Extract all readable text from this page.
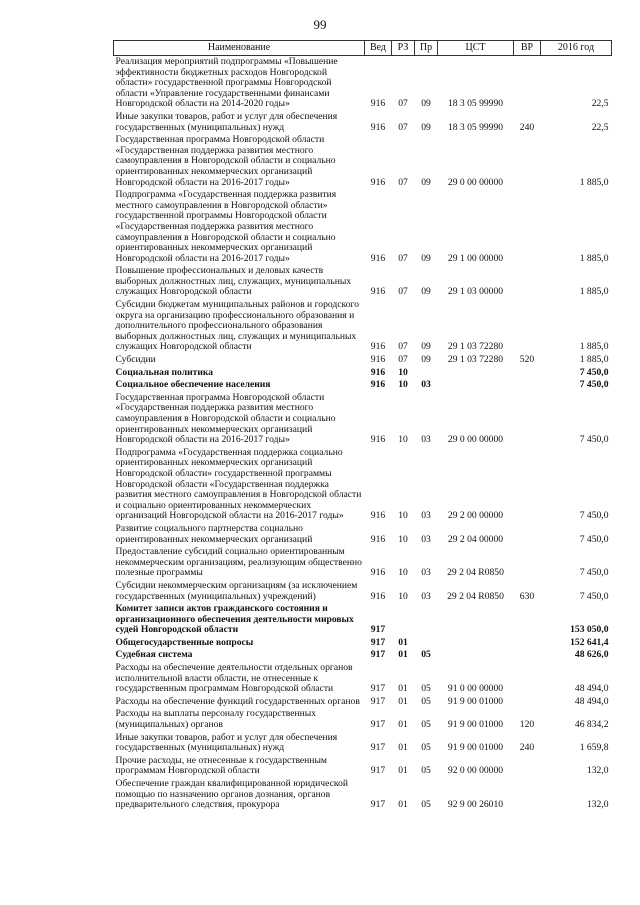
99
Наименование	Вед	РЗ	Пр	ЦСТ	ВР	2016 год
Реализация мероприятий подпрограммы «Повышение эффективности бюджетных расходов Новгородской области» государственной программы Новгородской области «Управление государственными финансами Новгородской области на 2014-2020 годы»	916	07	09	18 3 05 99990		22,5
Иные закупки товаров, работ и услуг для обеспечения государственных (муниципальных) нужд	916	07	09	18 3 05 99990	240	22,5
Государственная программа Новгородской области «Государственная поддержка развития местного самоуправления в Новгородской области и социально ориентированных некоммерческих организаций Новгородской области на 2016-2017 годы»	916	07	09	29 0 00 00000		1 885,0
Подпрограмма «Государственная поддержка развития местного самоуправления в Новгородской области» государственной программы Новгородской области «Государственная поддержка развития местного самоуправления в Новгородской области и социально ориентированных некоммерческих организаций Новгородской области на 2016-2017 годы»	916	07	09	29 1 00 00000		1 885,0
Повышение профессиональных и деловых качеств выборных должностных лиц, служащих, муниципальных служащих Новгородской области	916	07	09	29 1 03 00000		1 885,0
Субсидии бюджетам муниципальных районов и городского округа на организацию профессионального образования и дополнительного профессионального образования выборных должностных лиц, служащих и муниципальных служащих Новгородской области	916	07	09	29 1 03 72280		1 885,0
Субсидии	916	07	09	29 1 03 72280	520	1 885,0
Социальная политика	916	10				7 450,0
Социальное обеспечение населения	916	10	03			7 450,0
Государственная программа Новгородской области «Государственная поддержка развития местного самоуправления в Новгородской области и социально ориентированных некоммерческих организаций Новгородской области на 2016-2017 годы»	916	10	03	29 0 00 00000		7 450,0
Подпрограмма «Государственная поддержка социально ориентированных некоммерческих организаций Новгородской области» государственной программы Новгородской области «Государственная поддержка развития местного самоуправления в Новгородской области и социально ориентированных некоммерческих организаций Новгородской области на 2016-2017 годы»	916	10	03	29 2 00 00000		7 450,0
Развитие социального партнерства социально ориентированных некоммерческих организаций	916	10	03	29 2 04 00000		7 450,0
Предоставление субсидий социально ориентированным некоммерческим организациям, реализующим общественно полезные программы	916	10	03	29 2 04 R0850		7 450,0
Субсидии некоммерческим организациям (за исключением государственных (муниципальных) учреждений)	916	10	03	29 2 04 R0850	630	7 450,0
Комитет записи актов гражданского состояния и организационного обеспечения деятельности мировых судей Новгородской области	917					153 050,0
Общегосударственные вопросы	917	01				152 641,4
Судебная система	917	01	05			48 626,0
Расходы на обеспечение деятельности отдельных органов исполнительной власти области, не отнесенные к государственным программам Новгородской области	917	01	05	91 0 00 00000		48 494,0
Расходы на обеспечение функций государственных органов	917	01	05	91 9 00 01000		48 494,0
Расходы на выплаты персоналу государственных (муниципальных) органов	917	01	05	91 9 00 01000	120	46 834,2
Иные закупки товаров, работ и услуг для обеспечения государственных (муниципальных) нужд	917	01	05	91 9 00 01000	240	1 659,8
Прочие расходы, не отнесенные к государственным программам Новгородской области	917	01	05	92 0 00 00000		132,0
Обеспечение граждан квалифицированной юридической помощью по назначению органов дознания, органов предварительного следствия, прокурора	917	01	05	92 9 00 26010		132,0
